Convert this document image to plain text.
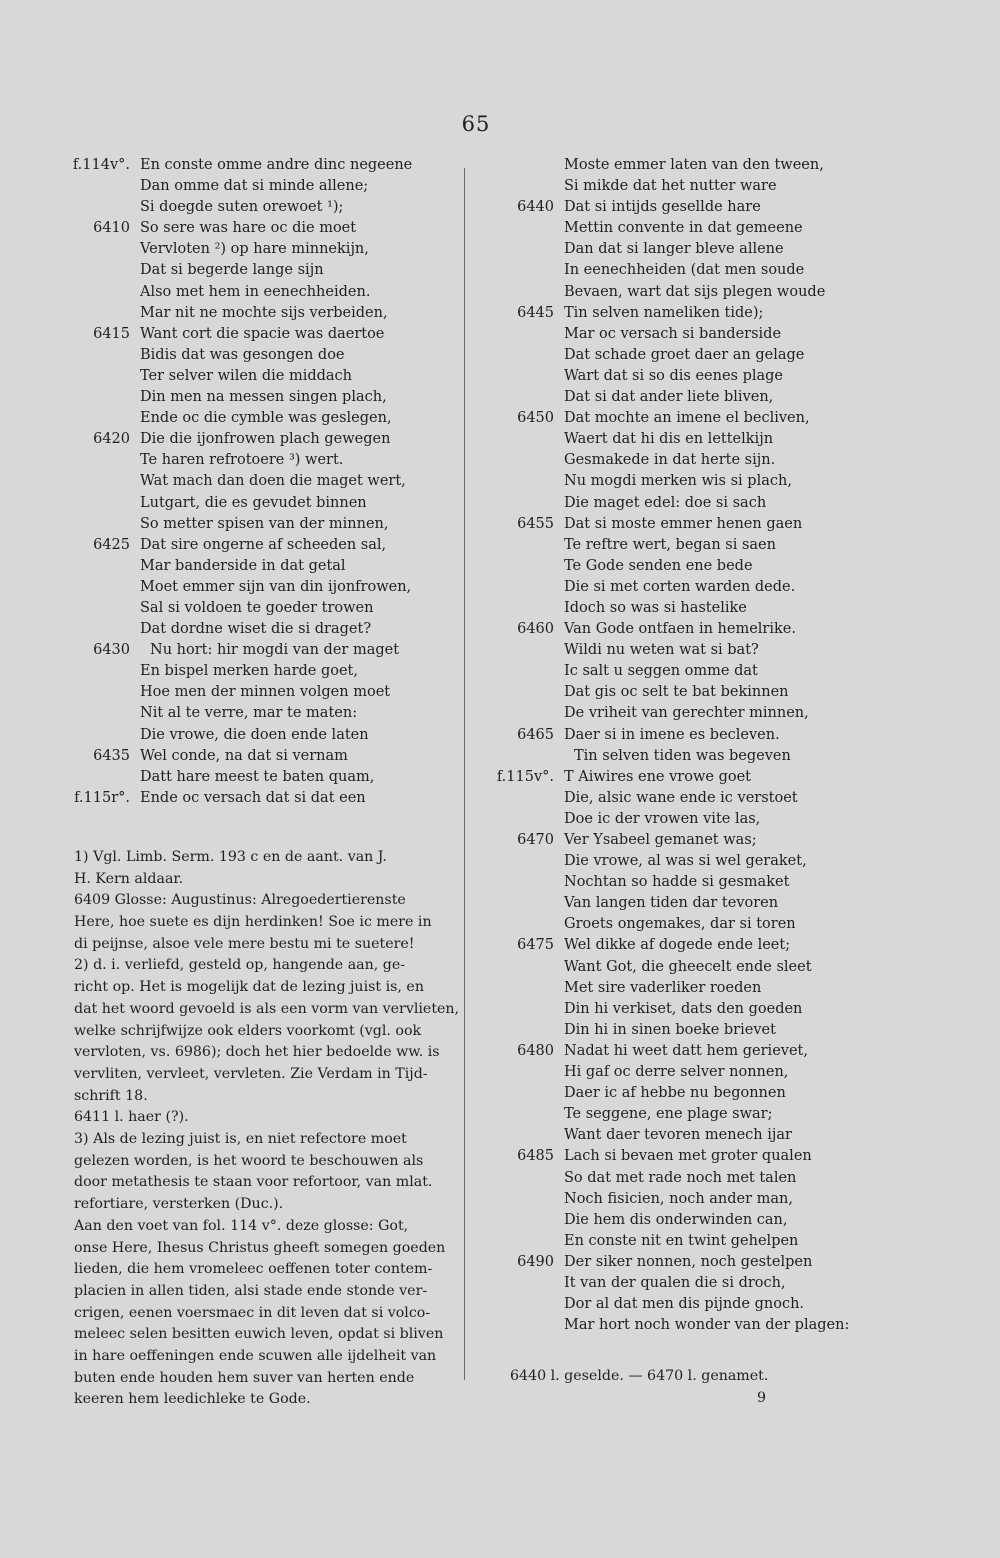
65
f.114v°. En conste omme andre dinc negeene
Dan omme dat si minde allene;
Si doegde suten orewoet ¹);
6410 So sere was hare oc die moet
Vervloten ²) op hare minnekijn,
Dat si begerde lange sijn
Also met hem in eenechheiden.
Mar nit ne mochte sijs verbeiden,
6415 Want cort die spacie was daertoe
Bidis dat was gesongen doe
Ter selver wilen die middach
Din men na messen singen plach,
Ende oc die cymble was geslegen,
6420 Die die ijonfrowen plach gewegen
Te haren refrotoere ³) wert.
Wat mach dan doen die maget wert,
Lutgart, die es gevudet binnen
So metter spisen van der minnen,
6425 Dat sire ongerne af scheeden sal,
Mar banderside in dat getal
Moet emmer sijn van din ijonfrowen,
Sal si voldoen te goeder trowen
Dat dordne wiset die si draget?
6430	Nu hort: hir mogdi van der maget
En bispel merken harde goet,
Hoe men der minnen volgen moet
Nit al te verre, mar te maten:
Die vrowe, die doen ende laten
6435 Wel conde, na dat si vernam
Datt hare meest te baten quam,
f.115r°. Ende oc versach dat si dat een
1) Vgl. Limb. Serm. 193 c en de aant. van J.
H. Kern aldaar.
6409 Glosse: Augustinus: Alregoedertierenste
Here, hoe suete es dijn herdinken! Soe ic mere in
di peijnse, alsoe vele mere bestu mi te suetere!
2) d. i. verliefd, gesteld op, hangende aan, ge-
richt op. Het is mogelijk dat de lezing juist is, en
dat het woord gevoeld is als een vorm van vervlieten,
welke schrijfwijze ook elders voorkomt (vgl. ook
vervloten, vs. 6986); doch het hier bedoelde ww. is
vervliten, vervleet, vervleten. Zie Verdam in Tijd-
schrift 18.
6411 l. haer (?).
3) Als de lezing juist is, en niet refectore moet
gelezen worden, is het woord te beschouwen als
door metathesis te staan voor refortoor, van mlat.
refortiare, versterken (Duc.).
Aan den voet van fol. 114 v°. deze glosse: Got,
onse Here, Ihesus Christus gheeft somegen goeden
lieden, die hem vromeleec oeffenen toter contem-
placien in allen tiden, alsi stade ende stonde ver-
crigen, eenen voersmaec in dit leven dat si volco-
meleec selen besitten euwich leven, opdat si bliven
in hare oeffeningen ende scuwen alle ijdelheit van
buten ende houden hem suver van herten ende
keeren hem leedichleke te Gode.
Moste emmer laten van den tween,
Si mikde dat het nutter ware
6440 Dat si intijds gesellde hare
Mettin convente in dat gemeene
Dan dat si langer bleve allene
In eenechheiden (dat men soude
Bevaen, wart dat sijs plegen woude
6445 Tin selven nameliken tide);
Mar oc versach si banderside
Dat schade groet daer an gelage
Wart dat si so dis eenes plage
Dat si dat ander liete bliven,
6450 Dat mochte an imene el becliven,
Waert dat hi dis en lettelkijn
Gesmakede in dat herte sijn.
Nu mogdi merken wis si plach,
Die maget edel: doe si sach
6455 Dat si moste emmer henen gaen
Te reftre wert, began si saen
Te Gode senden ene bede
Die si met corten warden dede.
Idoch so was si hastelike
6460 Van Gode ontfaen in hemelrike.
Wildi nu weten wat si bat?
Ic salt u seggen omme dat
Dat gis oc selt te bat bekinnen
De vriheit van gerechter minnen,
6465 Daer si in imene es becleven.
Tin selven tiden was begeven
f.115v°. T Aiwires ene vrowe goet
Die, alsic wane ende ic verstoet
Doe ic der vrowen vite las,
6470 Ver Ysabeel gemanet was;
Die vrowe, al was si wel geraket,
Nochtan so hadde si gesmaket
Van langen tiden dar tevoren
Groets ongemakes, dar si toren
6475 Wel dikke af dogede ende leet;
Want Got, die gheecelt ende sleet
Met sire vaderliker roeden
Din hi verkiset, dats den goeden
Din hi in sinen boeke brievet
6480 Nadat hi weet datt hem gerievet,
Hi gaf oc derre selver nonnen,
Daer ic af hebbe nu begonnen
Te seggene, ene plage swar;
Want daer tevoren menech ijar
6485 Lach si bevaen met groter qualen
So dat met rade noch met talen
Noch fisicien, noch ander man,
Die hem dis onderwinden can,
En conste nit en twint gehelpen
6490 Der siker nonnen, noch gestelpen
It van der qualen die si droch,
Dor al dat men dis pijnde gnoch.
Mar hort noch wonder van der plagen:
6440 l. geselde. — 6470 l. genamet.
9
